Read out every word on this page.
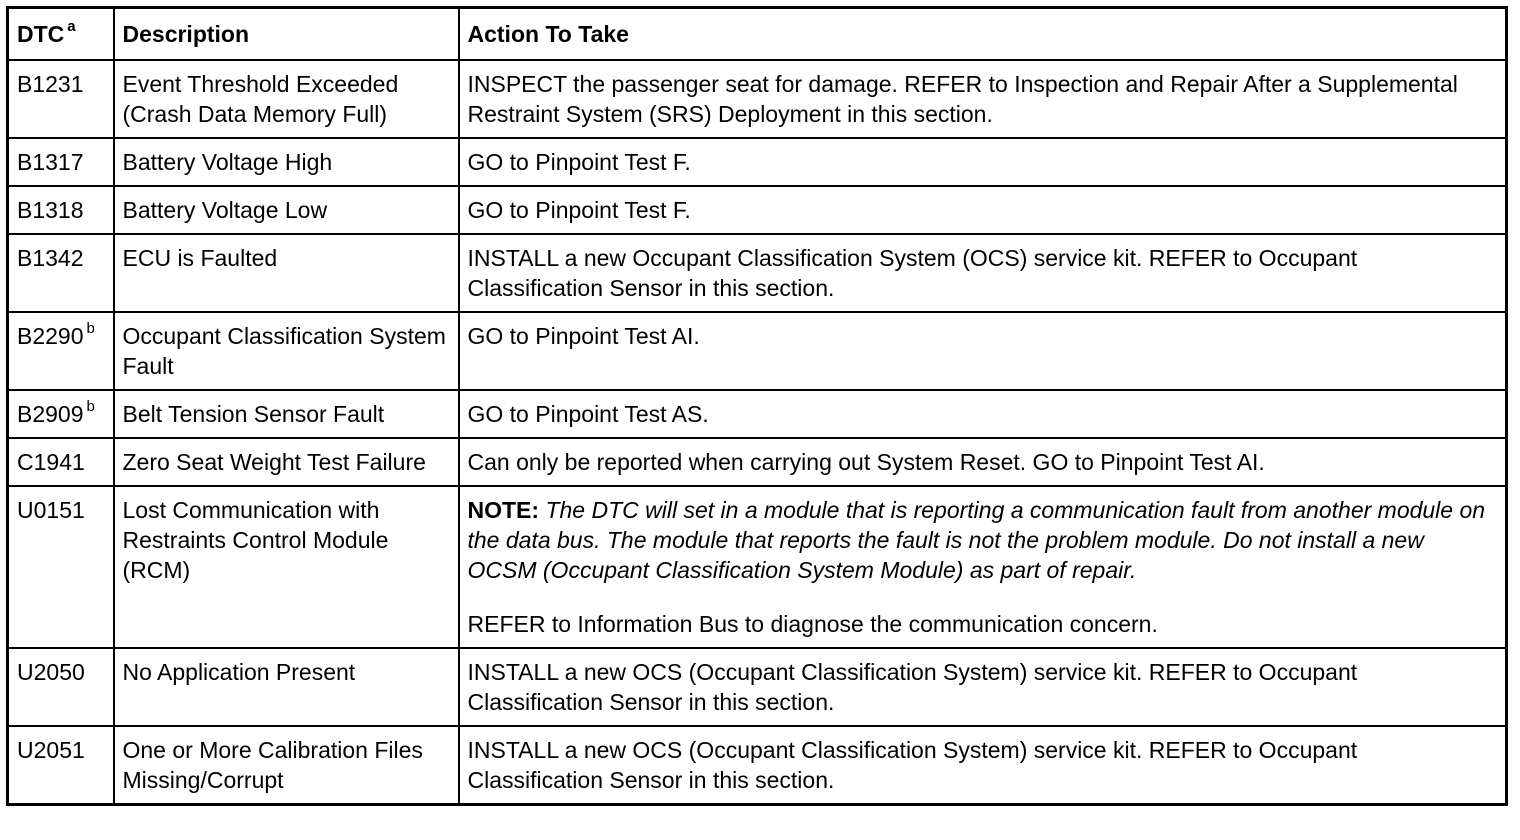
DTC $^a$	Description	Action To Take
B1231	Event Threshold Exceeded (Crash Data Memory Full)	INSPECT the passenger seat for damage. REFER to Inspection and Repair After a Supplemental Restraint System (SRS) Deployment in this section.
B1317	Battery Voltage High	GO to Pinpoint Test F.
B1318	Battery Voltage Low	GO to Pinpoint Test F.
B1342	ECU is Faulted	INSTALL a new Occupant Classification System (OCS) service kit. REFER to Occupant Classification Sensor in this section.
B2290 $^b$	Occupant Classification System Fault	GO to Pinpoint Test AI.
B2909 $^b$	Belt Tension Sensor Fault	GO to Pinpoint Test AS.
C1941	Zero Seat Weight Test Failure	Can only be reported when carrying out System Reset. GO to Pinpoint Test AI.
U0151	Lost Communication with Restraints Control Module (RCM)	NOTE: The DTC will set in a module that is reporting a communication fault from another module on the data bus. The module that reports the fault is not the problem module. Do not install a new OCSM (Occupant Classification System Module) as part of repair.
REFER to Information Bus to diagnose the communication concern.

U2050	No Application Present	INSTALL a new OCS (Occupant Classification System) service kit. REFER to Occupant Classification Sensor in this section.
U2051	One or More Calibration Files Missing/Corrupt	INSTALL a new OCS (Occupant Classification System) service kit. REFER to Occupant Classification Sensor in this section.
